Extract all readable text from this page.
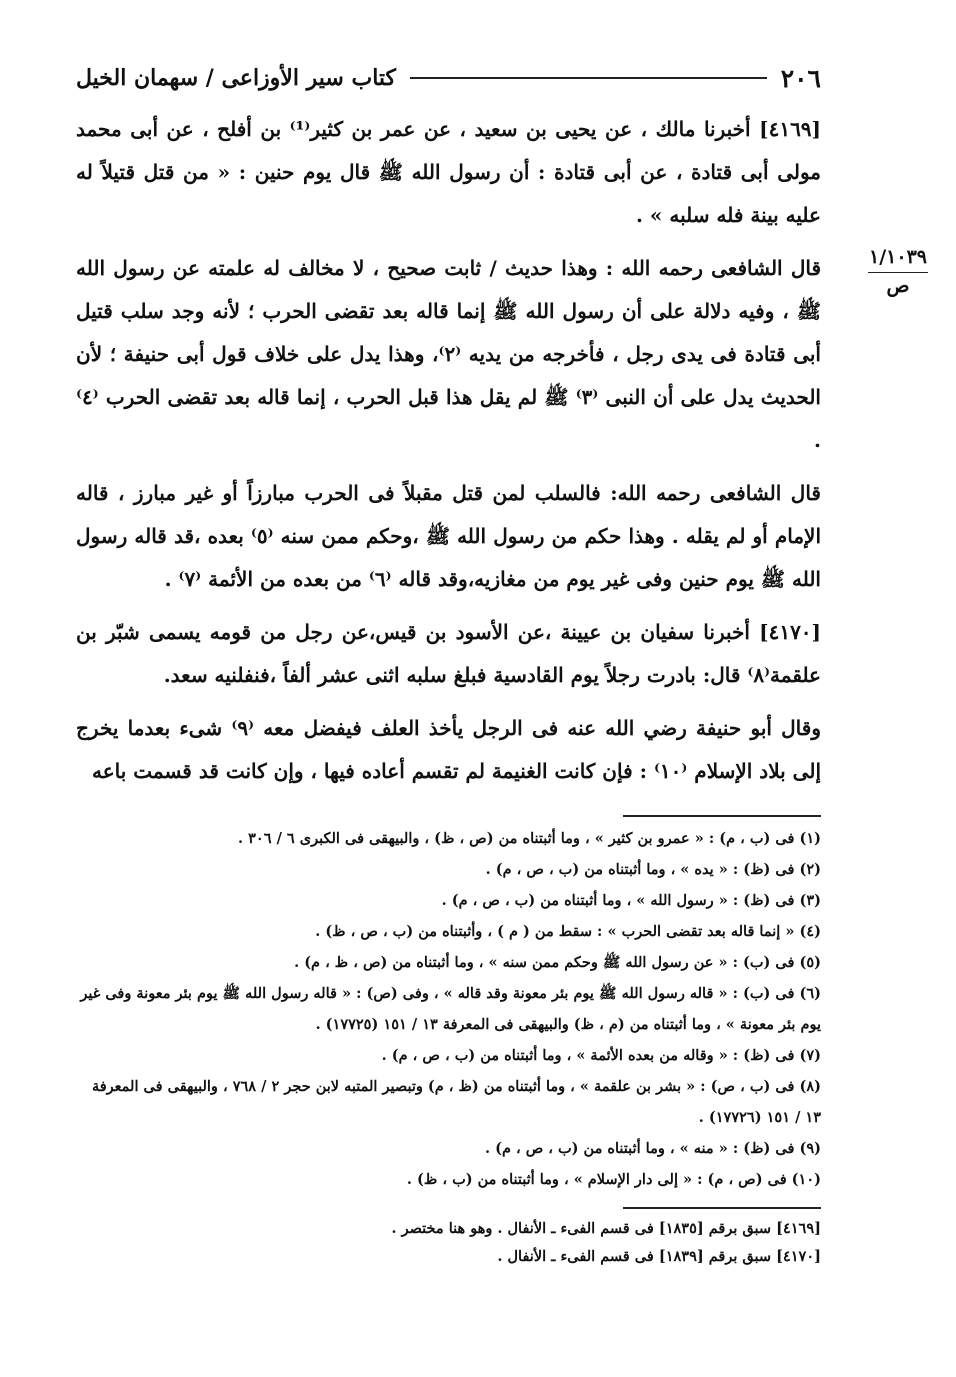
٢٠٦
كتاب سير الأوزاعى / سهمان الخيل

[٤١٦٩] أخبرنا مالك ، عن يحيى بن سعيد ، عن عمر بن كثير⁽¹⁾ بن أفلح ، عن أبى محمد مولى أبى قتادة ، عن أبى قتادة : أن رسول الله ﷺ قال يوم حنين : « من قتل قتيلاً له عليه بينة فله سلبه » .

قال الشافعى رحمه الله : وهذا حديث / ثابت صحيح ، لا مخالف له علمته عن رسول الله ﷺ ، وفيه دلالة على أن رسول الله ﷺ إنما قاله بعد تقضى الحرب ؛ لأنه وجد سلب قتيل أبى قتادة فى يدى رجل ، فأخرجه من يديه ⁽٢⁾، وهذا يدل على خلاف قول أبى حنيفة ؛ لأن الحديث يدل على أن النبى ⁽٣⁾ ﷺ لم يقل هذا قبل الحرب ، إنما قاله بعد تقضى الحرب ⁽٤⁾ .

قال الشافعى رحمه الله: فالسلب لمن قتل مقبلاً فى الحرب مبارزاً أو غير مبارز ، قاله الإمام أو لم يقله . وهذا حكم من رسول الله ﷺ ،وحكم ممن سنه ⁽٥⁾ بعده ،قد قاله رسول الله ﷺ يوم حنين وفى غير يوم من مغازيه،وقد قاله ⁽٦⁾ من بعده من الأئمة ⁽٧⁾ .

[٤١٧٠] أخبرنا سفيان بن عيينة ،عن الأسود بن قيس،عن رجل من قومه يسمى شبّر بن علقمة⁽٨⁾ قال: بادرت رجلاً يوم القادسية فبلغ سلبه اثنى عشر ألفاً ،فنفلنيه سعد.

وقال أبو حنيفة رضي الله عنه فى الرجل يأخذ العلف فيفضل معه ⁽٩⁾ شىء بعدما يخرج إلى بلاد الإسلام ⁽١٠⁾ : فإن كانت الغنيمة لم تقسم أعاده فيها ، وإن كانت قد قسمت باعه

(١) فى (ب ، م) : « عمرو بن كثير » ، وما أثبتناه من (ص ، ظ) ، والبيهقى فى الكبرى ٦ / ٣٠٦ .

(٢) فى (ظ) : « يده » ، وما أثبتناه من (ب ، ص ، م) .

(٣) فى (ظ) : « رسول الله » ، وما أثبتناه من (ب ، ص ، م) .

(٤) « إنما قاله بعد تقضى الحرب » : سقط من ( م ) ، وأثبتناه من (ب ، ص ، ظ) .

(٥) فى (ب) : « عن رسول الله ﷺ وحكم ممن سنه » ، وما أثبتناه من (ص ، ظ ، م) .

(٦) فى (ب) : « قاله رسول الله ﷺ يوم بئر معونة وقد قاله » ، وفى (ص) : « قاله رسول الله ﷺ يوم بئر معونة وفى غير يوم بئر معونة » ، وما أثبتناه من (م ، ظ) والبيهقى فى المعرفة ١٣ / ١٥١ (١٧٧٢٥) .

(٧) فى (ظ) : « وقاله من بعده الأئمة » ، وما أثبتناه من (ب ، ص ، م) .

(٨) فى (ب ، ص) : « بشر بن علقمة » ، وما أثبتناه من (ظ ، م) وتبصير المتبه لابن حجر ٢ / ٧٦٨ ، والبيهقى فى المعرفة ١٣ / ١٥١ (١٧٧٢٦) .

(٩) فى (ظ) : « منه » ، وما أثبتناه من (ب ، ص ، م) .

(١٠) فى (ص ، م) : « إلى دار الإسلام » ، وما أثبتناه من (ب ، ظ) .

[٤١٦٩] سبق برقم [١٨٣٥] فى قسم الفىء ـ الأنفال . وهو هنا مختصر .

[٤١٧٠] سبق برقم [١٨٣٩] فى قسم الفىء ـ الأنفال .

١/١٠٣٩
ص
